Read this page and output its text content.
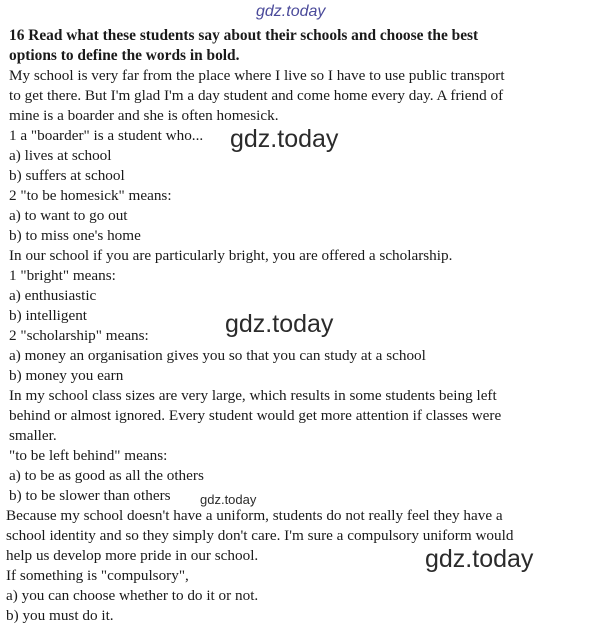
gdz.today
16 Read what these students say about their schools and choose the best
options to define the words in bold.
My school is very far from the place where I live so I have to use public transport
to get there. But I'm glad I'm a day student and come home every day. A friend of
mine is a boarder and she is often homesick.
1 a "boarder" is a student who...
a) lives at school
b) suffers at school
2 "to be homesick" means:
a) to want to go out
b) to miss one's home
In our school if you are particularly bright, you are offered a scholarship.
1 "bright" means:
a) enthusiastic
b) intelligent
2 "scholarship" means:
a) money an organisation gives you so that you can study at a school
b) money you earn
In my school class sizes are very large, which results in some students being left
behind or almost ignored. Every student would get more attention if classes were
smaller.
"to be left behind" means:
a) to be as good as all the others
b) to be slower than others
Because my school doesn't have a uniform, students do not really feel they have a
school identity and so they simply don't care. I'm sure a compulsory uniform would
help us develop more pride in our school.
If something is "compulsory",
a) you can choose whether to do it or not.
b) you must do it.
gdz.today
gdz.today
gdz.today
gdz.today
